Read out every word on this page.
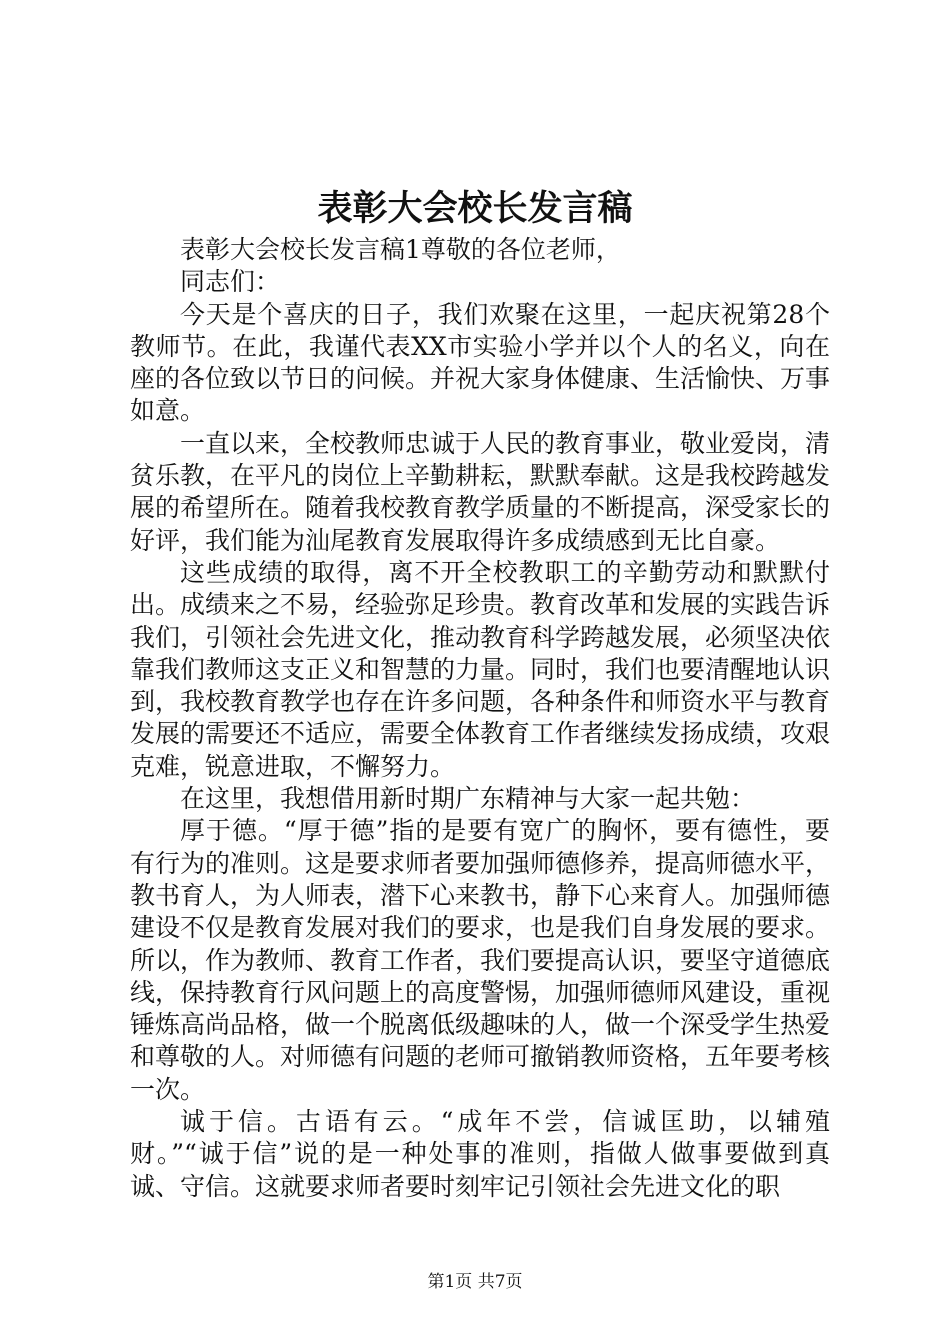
表彰大会校长发言稿

表彰大会校长发言稿1尊敬的各位老师，

同志们：

今天是个喜庆的日子，我们欢聚在这里，一起庆祝第28个教师节。在此，我谨代表XX市实验小学并以个人的名义，向在座的各位致以节日的问候。并祝大家身体健康、生活愉快、万事如意。

一直以来，全校教师忠诚于人民的教育事业，敬业爱岗，清贫乐教，在平凡的岗位上辛勤耕耘，默默奉献。这是我校跨越发展的希望所在。随着我校教育教学质量的不断提高，深受家长的好评，我们能为汕尾教育发展取得许多成绩感到无比自豪。

这些成绩的取得，离不开全校教职工的辛勤劳动和默默付出。成绩来之不易，经验弥足珍贵。教育改革和发展的实践告诉我们，引领社会先进文化，推动教育科学跨越发展，必须坚决依靠我们教师这支正义和智慧的力量。同时，我们也要清醒地认识到，我校教育教学也存在许多问题，各种条件和师资水平与教育发展的需要还不适应，需要全体教育工作者继续发扬成绩，攻艰克难，锐意进取，不懈努力。

在这里，我想借用新时期广东精神与大家一起共勉：

厚于德。“厚于德”指的是要有宽广的胸怀，要有德性，要有行为的准则。这是要求师者要加强师德修养，提高师德水平，教书育人，为人师表，潜下心来教书，静下心来育人。加强师德建设不仅是教育发展对我们的要求，也是我们自身发展的要求。所以，作为教师、教育工作者，我们要提高认识，要坚守道德底线，保持教育行风问题上的高度警惕，加强师德师风建设，重视锤炼高尚品格，做一个脱离低级趣味的人，做一个深受学生热爱和尊敬的人。对师德有问题的老师可撤销教师资格，五年要考核一次。

诚于信。古语有云。“成年不尝，信诚匡助，以辅殖财。”“诚于信”说的是一种处事的准则，指做人做事要做到真诚、守信。这就要求师者要时刻牢记引领社会先进文化的职

第1页 共7页
